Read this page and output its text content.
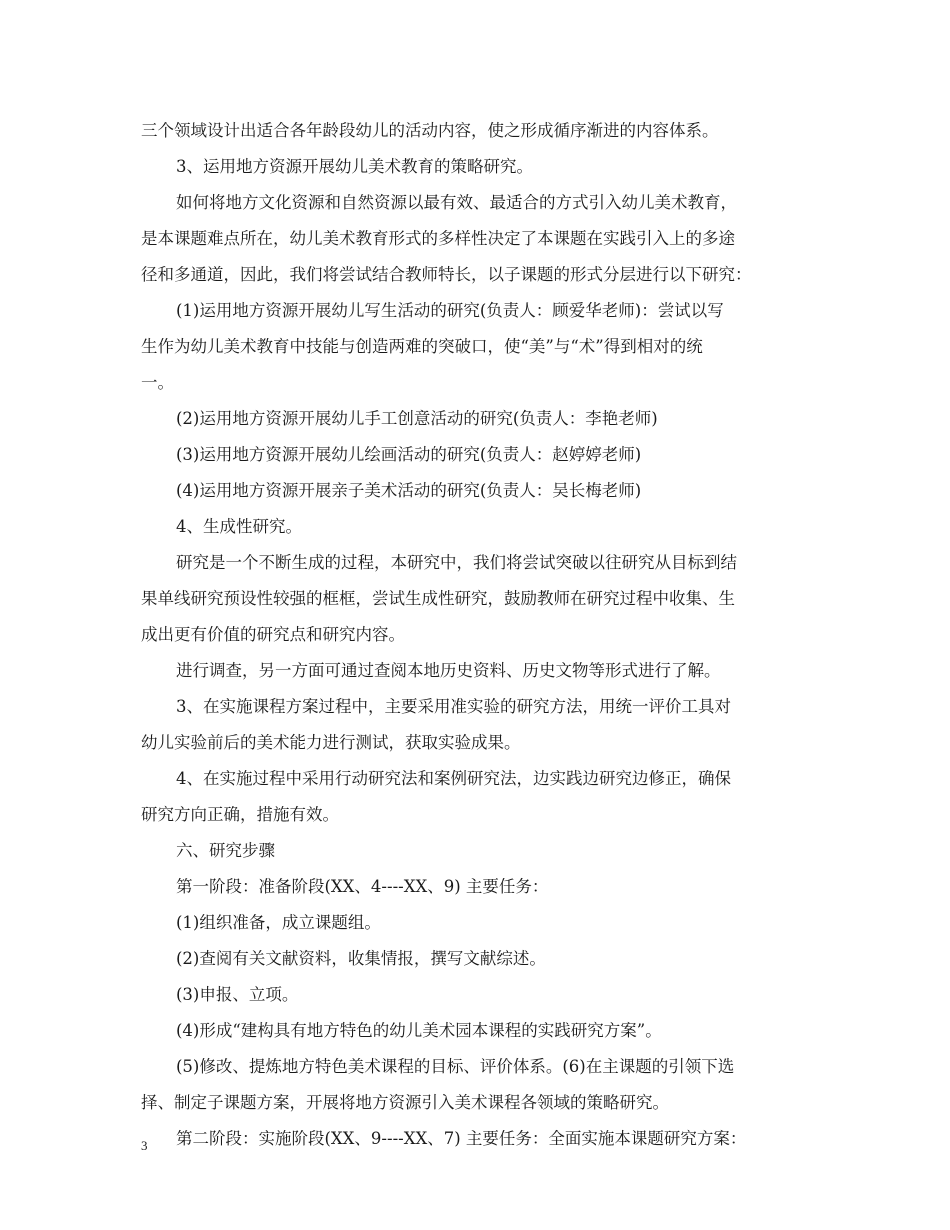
三个领域设计出适合各年龄段幼儿的活动内容，使之形成循序渐进的内容体系。
3、运用地方资源开展幼儿美术教育的策略研究。
如何将地方文化资源和自然资源以最有效、最适合的方式引入幼儿美术教育，
是本课题难点所在，幼儿美术教育形式的多样性决定了本课题在实践引入上的多途
径和多通道，因此，我们将尝试结合教师特长，以子课题的形式分层进行以下研究：
(1)运用地方资源开展幼儿写生活动的研究(负责人：顾爱华老师)：尝试以写
生作为幼儿美术教育中技能与创造两难的突破口，使“美”与“术”得到相对的统
一。
(2)运用地方资源开展幼儿手工创意活动的研究(负责人：李艳老师)
(3)运用地方资源开展幼儿绘画活动的研究(负责人：赵婷婷老师)
(4)运用地方资源开展亲子美术活动的研究(负责人：吴长梅老师)
4、生成性研究。
研究是一个不断生成的过程，本研究中，我们将尝试突破以往研究从目标到结
果单线研究预设性较强的框框，尝试生成性研究，鼓励教师在研究过程中收集、生
成出更有价值的研究点和研究内容。
进行调查，另一方面可通过查阅本地历史资料、历史文物等形式进行了解。
3、在实施课程方案过程中，主要采用准实验的研究方法，用统一评价工具对
幼儿实验前后的美术能力进行测试，获取实验成果。
4、在实施过程中采用行动研究法和案例研究法，边实践边研究边修正，确保
研究方向正确，措施有效。
六、研究步骤
第一阶段：准备阶段(XX、4----XX、9) 主要任务：
(1)组织准备，成立课题组。
(2)查阅有关文献资料，收集情报，撰写文献综述。
(3)申报、立项。
(4)形成“建构具有地方特色的幼儿美术园本课程的实践研究方案”。
(5)修改、提炼地方特色美术课程的目标、评价体系。(6)在主课题的引领下选
择、制定子课题方案，开展将地方资源引入美术课程各领域的策略研究。
第二阶段：实施阶段(XX、9----XX、7) 主要任务：全面实施本课题研究方案：
3
